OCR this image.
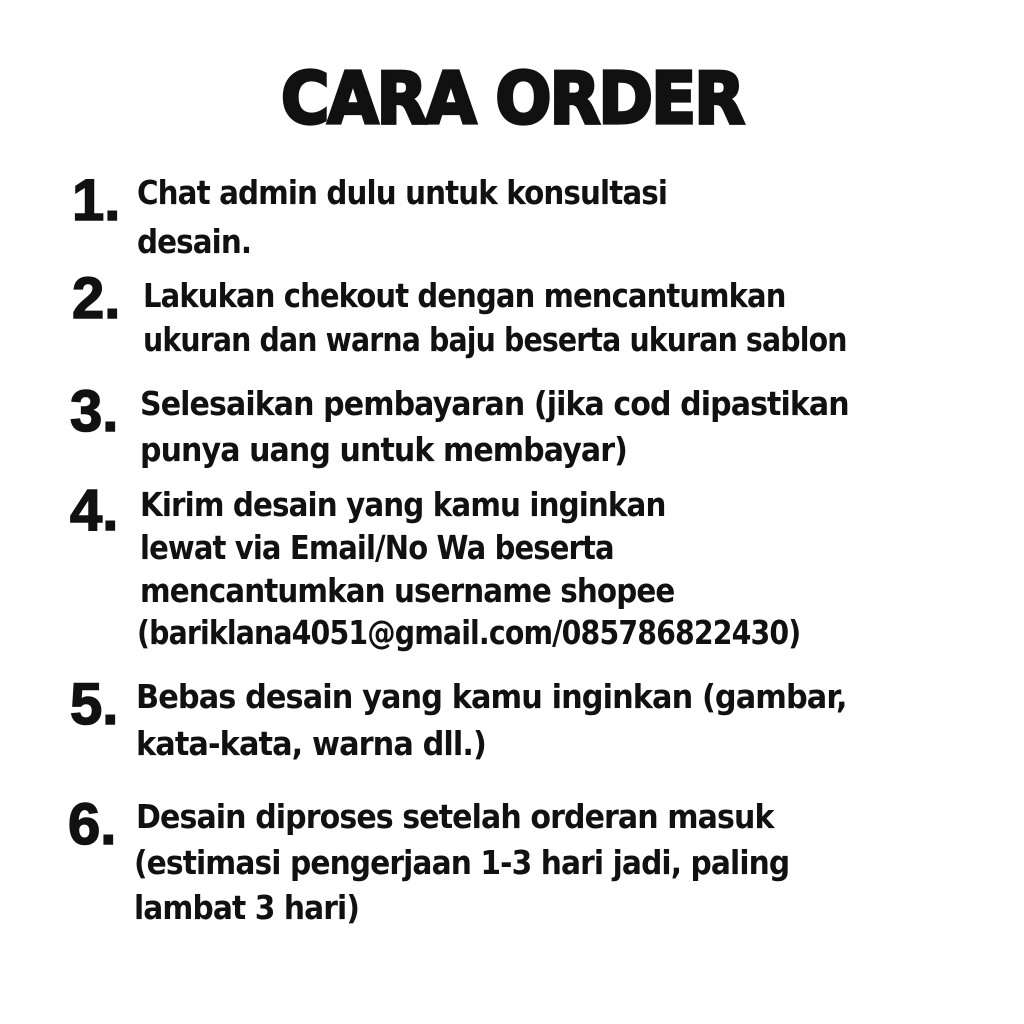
CARA ORDER
1. Chat admin dulu untuk konsultasi
desain.
2. Lakukan chekout dengan mencantumkan
ukuran dan warna baju beserta ukuran sablon
3. Selesaikan pembayaran (jika cod dipastikan
punya uang untuk membayar)
4. Kirim desain yang kamu inginkan
lewat via Email/No Wa beserta
mencantumkan username shopee
(bariklana4051@gmail.com/085786822430)
5. Bebas desain yang kamu inginkan (gambar,
kata-kata, warna dll.)
6. Desain diproses setelah orderan masuk
(estimasi pengerjaan 1-3 hari jadi, paling
lambat 3 hari)
